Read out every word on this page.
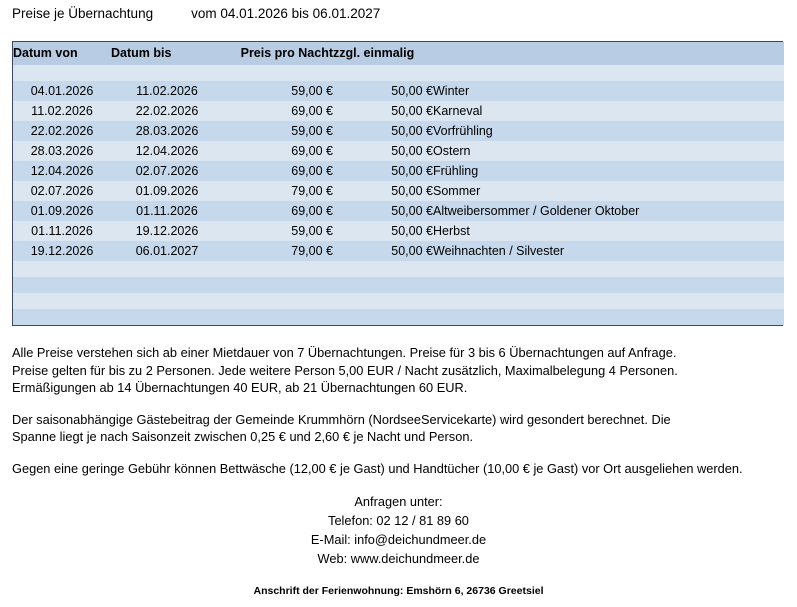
Preise je Übernachtung	vom 04.01.2026 bis 06.01.2027
Datum von	Datum bis	Preis pro Nacht	zzgl. einmalig	

04.01.2026	11.02.2026	59,00 €	50,00 €	Winter
11.02.2026	22.02.2026	69,00 €	50,00 €	Karneval
22.02.2026	28.03.2026	59,00 €	50,00 €	Vorfrühling
28.03.2026	12.04.2026	69,00 €	50,00 €	Ostern
12.04.2026	02.07.2026	69,00 €	50,00 €	Frühling
02.07.2026	01.09.2026	79,00 €	50,00 €	Sommer
01.09.2026	01.11.2026	69,00 €	50,00 €	Altweibersommer / Goldener Oktober
01.11.2026	19.12.2026	59,00 €	50,00 €	Herbst
19.12.2026	06.01.2027	79,00 €	50,00 €	Weihnachten / Silvester

Alle Preise verstehen sich ab einer Mietdauer von 7 Übernachtungen. Preise für 3 bis 6 Übernachtungen auf Anfrage.
Preise gelten für bis zu 2 Personen. Jede weitere Person 5,00 EUR / Nacht zusätzlich, Maximalbelegung 4 Personen.
Ermäßigungen ab 14 Übernachtungen 40 EUR, ab 21 Übernachtungen 60 EUR.

Der saisonabhängige Gästebeitrag der Gemeinde Krummhörn (NordseeServicekarte) wird gesondert berechnet. Die
Spanne liegt je nach Saisonzeit zwischen 0,25 € und 2,60 € je Nacht und Person.

Gegen eine geringe Gebühr können Bettwäsche (12,00 € je Gast) und Handtücher (10,00 € je Gast) vor Ort ausgeliehen werden.

Anfragen unter:
Telefon: 02 12 / 81 89 60
E-Mail: info@deichundmeer.de
Web: www.deichundmeer.de
Anschrift der Ferienwohnung: Emshörn 6, 26736 Greetsiel
